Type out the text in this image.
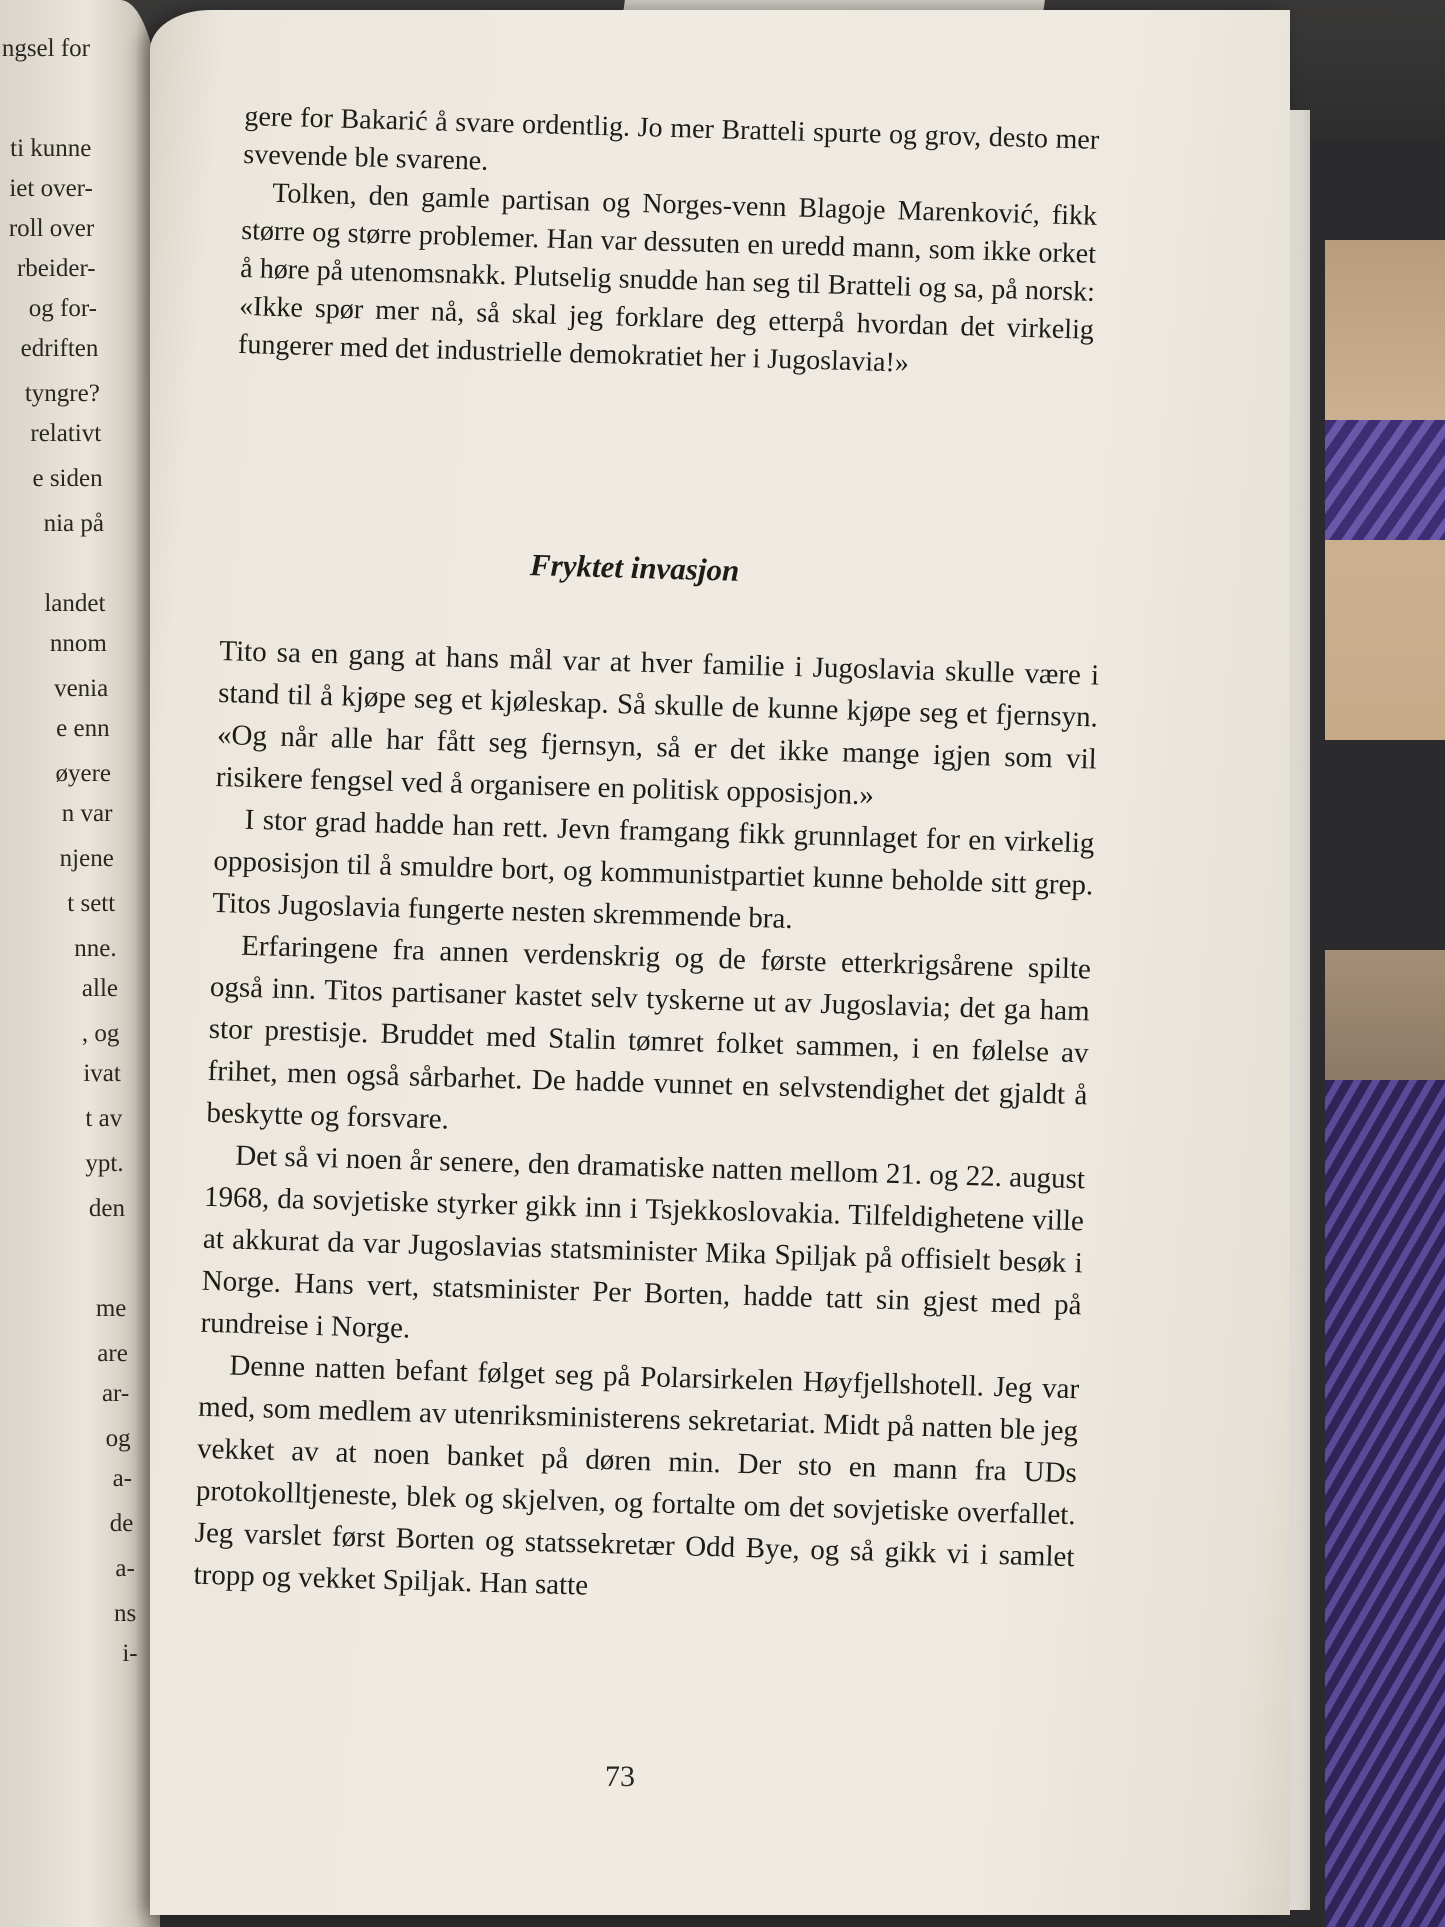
ngsel for
ti kunne
iet over-
roll over
rbeider-
og for-
edriften
tyngre?
relativt
e siden
nia på
landet
nnom
venia
e enn
øyere
n var
njene
t sett
nne.
alle
, og
ivat
t av
ypt.
den
me
are
ar-
og
a-
de
a-
ns
i-

gere for Bakarić å svare ordentlig. Jo mer Bratteli spurte og grov, desto mer svevende ble svarene.

Tolken, den gamle partisan og Norges-venn Blagoje Marenković, fikk større og større problemer. Han var dessuten en uredd mann, som ikke orket å høre på utenomsnakk. Plutselig snudde han seg til Bratteli og sa, på norsk: «Ikke spør mer nå, så skal jeg forklare deg etterpå hvordan det virkelig fungerer med det industrielle demokratiet her i Jugoslavia!»

Fryktet invasjon

Tito sa en gang at hans mål var at hver familie i Jugoslavia skulle være i stand til å kjøpe seg et kjøleskap. Så skulle de kunne kjøpe seg et fjernsyn. «Og når alle har fått seg fjernsyn, så er det ikke mange igjen som vil risikere fengsel ved å organisere en politisk opposisjon.»

I stor grad hadde han rett. Jevn framgang fikk grunnlaget for en virkelig opposisjon til å smuldre bort, og kommunistpartiet kunne beholde sitt grep. Titos Jugoslavia fungerte nesten skremmende bra.

Erfaringene fra annen verdenskrig og de første etterkrigsårene spilte også inn. Titos partisaner kastet selv tyskerne ut av Jugoslavia; det ga ham stor prestisje. Bruddet med Stalin tømret folket sammen, i en følelse av frihet, men også sårbarhet. De hadde vunnet en selvstendighet det gjaldt å beskytte og forsvare.

Det så vi noen år senere, den dramatiske natten mellom 21. og 22. august 1968, da sovjetiske styrker gikk inn i Tsjekkoslovakia. Tilfeldighetene ville at akkurat da var Jugoslavias statsminister Mika Spiljak på offisielt besøk i Norge. Hans vert, statsminister Per Borten, hadde tatt sin gjest med på rundreise i Norge.

Denne natten befant følget seg på Polarsirkelen Høyfjellshotell. Jeg var med, som medlem av utenriksministerens sekretariat. Midt på natten ble jeg vekket av at noen banket på døren min. Der sto en mann fra UDs protokolltjeneste, blek og skjelven, og fortalte om det sovjetiske overfallet. Jeg varslet først Borten og statssekretær Odd Bye, og så gikk vi i samlet tropp og vekket Spiljak. Han satte

73
